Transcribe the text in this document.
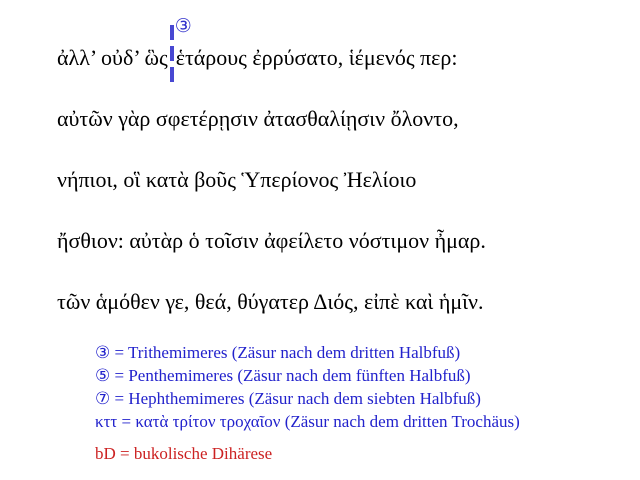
ἀλλ’ οὐδ’ ὣς
③
ἑτάρους ἐρρύσατο, ἱέμενός περ:
αὐτῶν γὰρ σφετέρῃσιν ἀτασθαλίῃσιν ὄλοντο,
νήπιοι, οἳ κατὰ βοῦς Ὑπερίονος Ἠελίοιο
ἤσθιον: αὐτὰρ ὁ τοῖσιν ἀφείλετο νόστιμον ἦμαρ.
τῶν ἁμόθεν γε, θεά, θύγατερ Διός, εἰπὲ καὶ ἡμῖν.
③ = Trithemimeres (Zäsur nach dem dritten Halbfuß)
⑤ = Penthemimeres (Zäsur nach dem fünften Halbfuß)
⑦ = Hephthemimeres (Zäsur nach dem siebten Halbfuß)
κττ = κατὰ τρίτον τροχαῖον (Zäsur nach dem dritten Trochäus)
bD = bukolische Dihärese
